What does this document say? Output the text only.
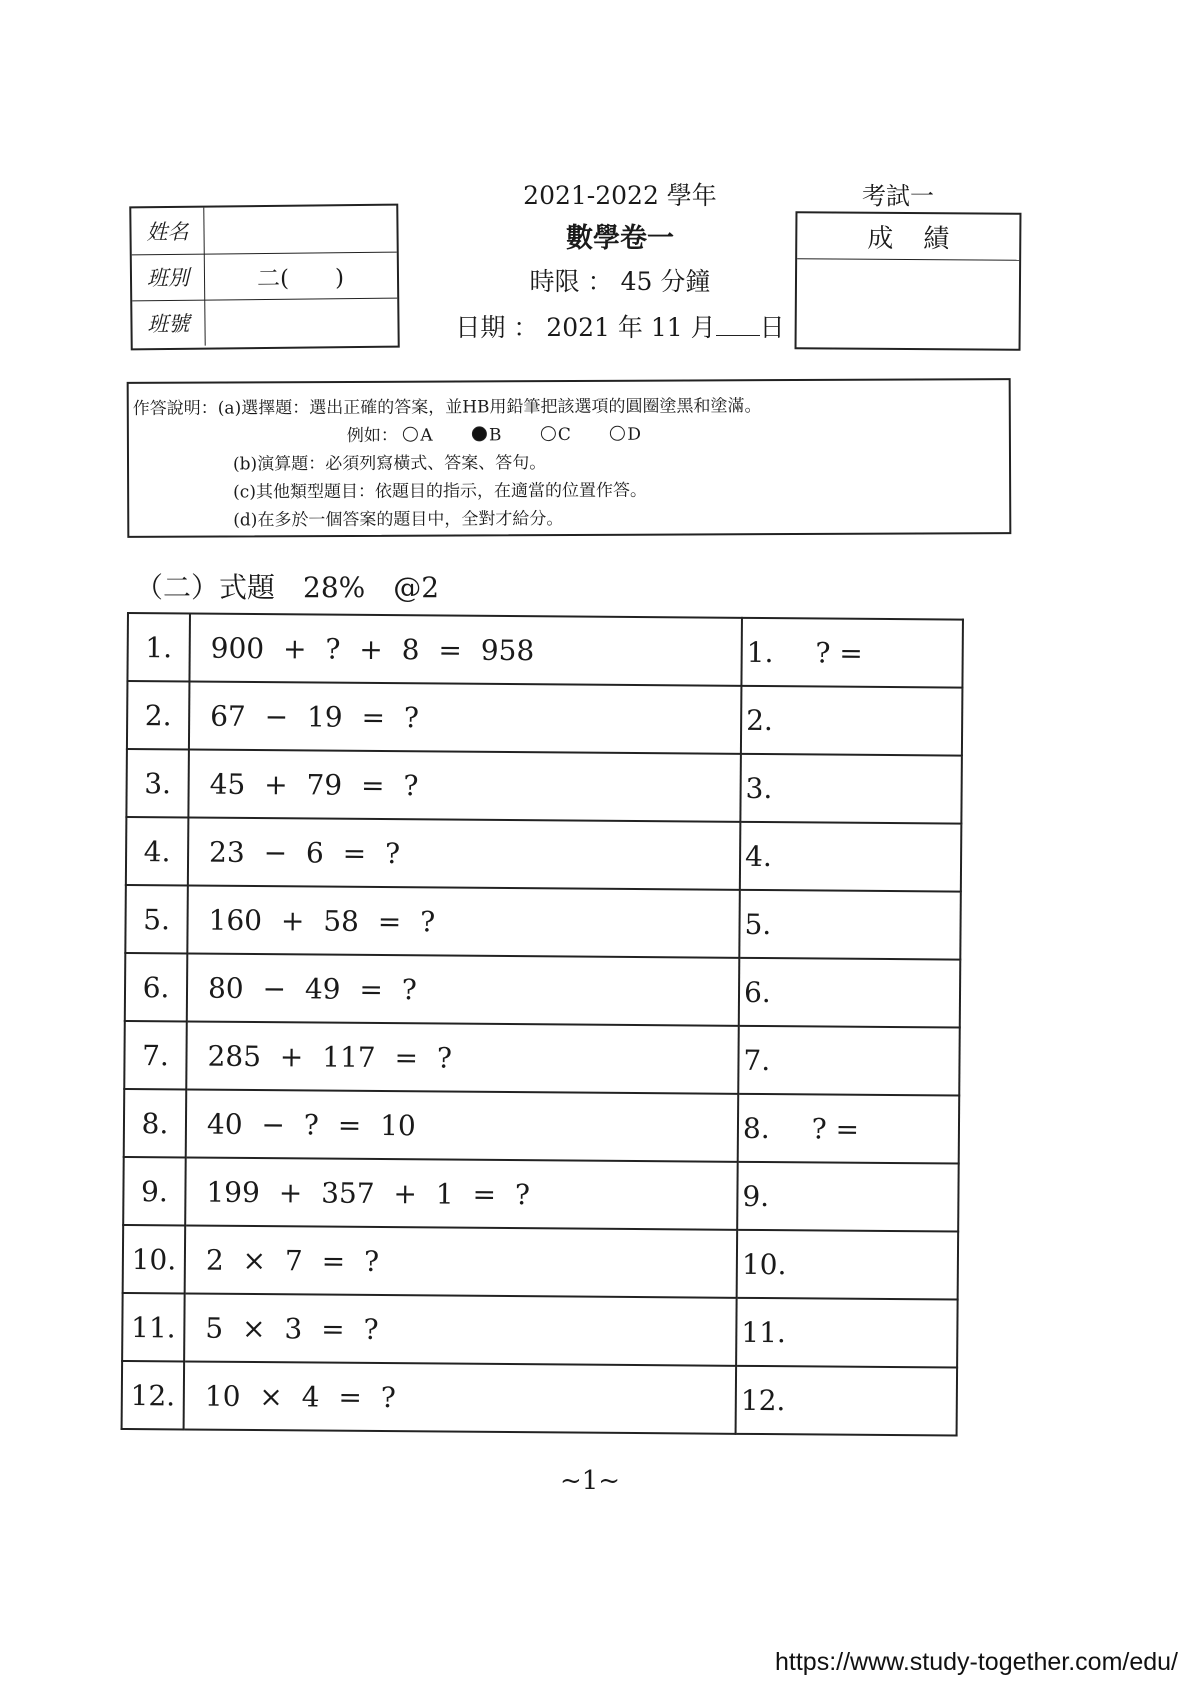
姓名
班別	二(　　)
班號
2021-2022 學年
數學卷一
時限 ： 45 分鐘
日期 ： 2021 年 11 月 日
考試一
成績
作答說明：(a)選擇題：選出正確的答案，並HB用鉛筆把該選項的圓圈塗黑和塗滿。
例如： A	B	C	D
(b)演算題：必須列寫橫式、答案、答句。
(c)其他類型題目：依題目的指示，在適當的位置作答。
(d)在多於一個答案的題目中，全對才給分。
（二）式題　28%　@2
1.	900 + ? + 8 = 958	1. ? =
2.	67 − 19 = ?	2.
3.	45 + 79 = ?	3.
4.	23 − 6 = ?	4.
5.	160 + 58 = ?	5.
6.	80 − 49 = ?	6.
7.	285 + 117 = ?	7.
8.	40 − ? = 10	8. ? =
9.	199 + 357 + 1 = ?	9.
10.	2 × 7 = ?	10.
11.	5 × 3 = ?	11.
12.	10 × 4 = ?	12.
~1~
https://www.study-together.com/edu/
